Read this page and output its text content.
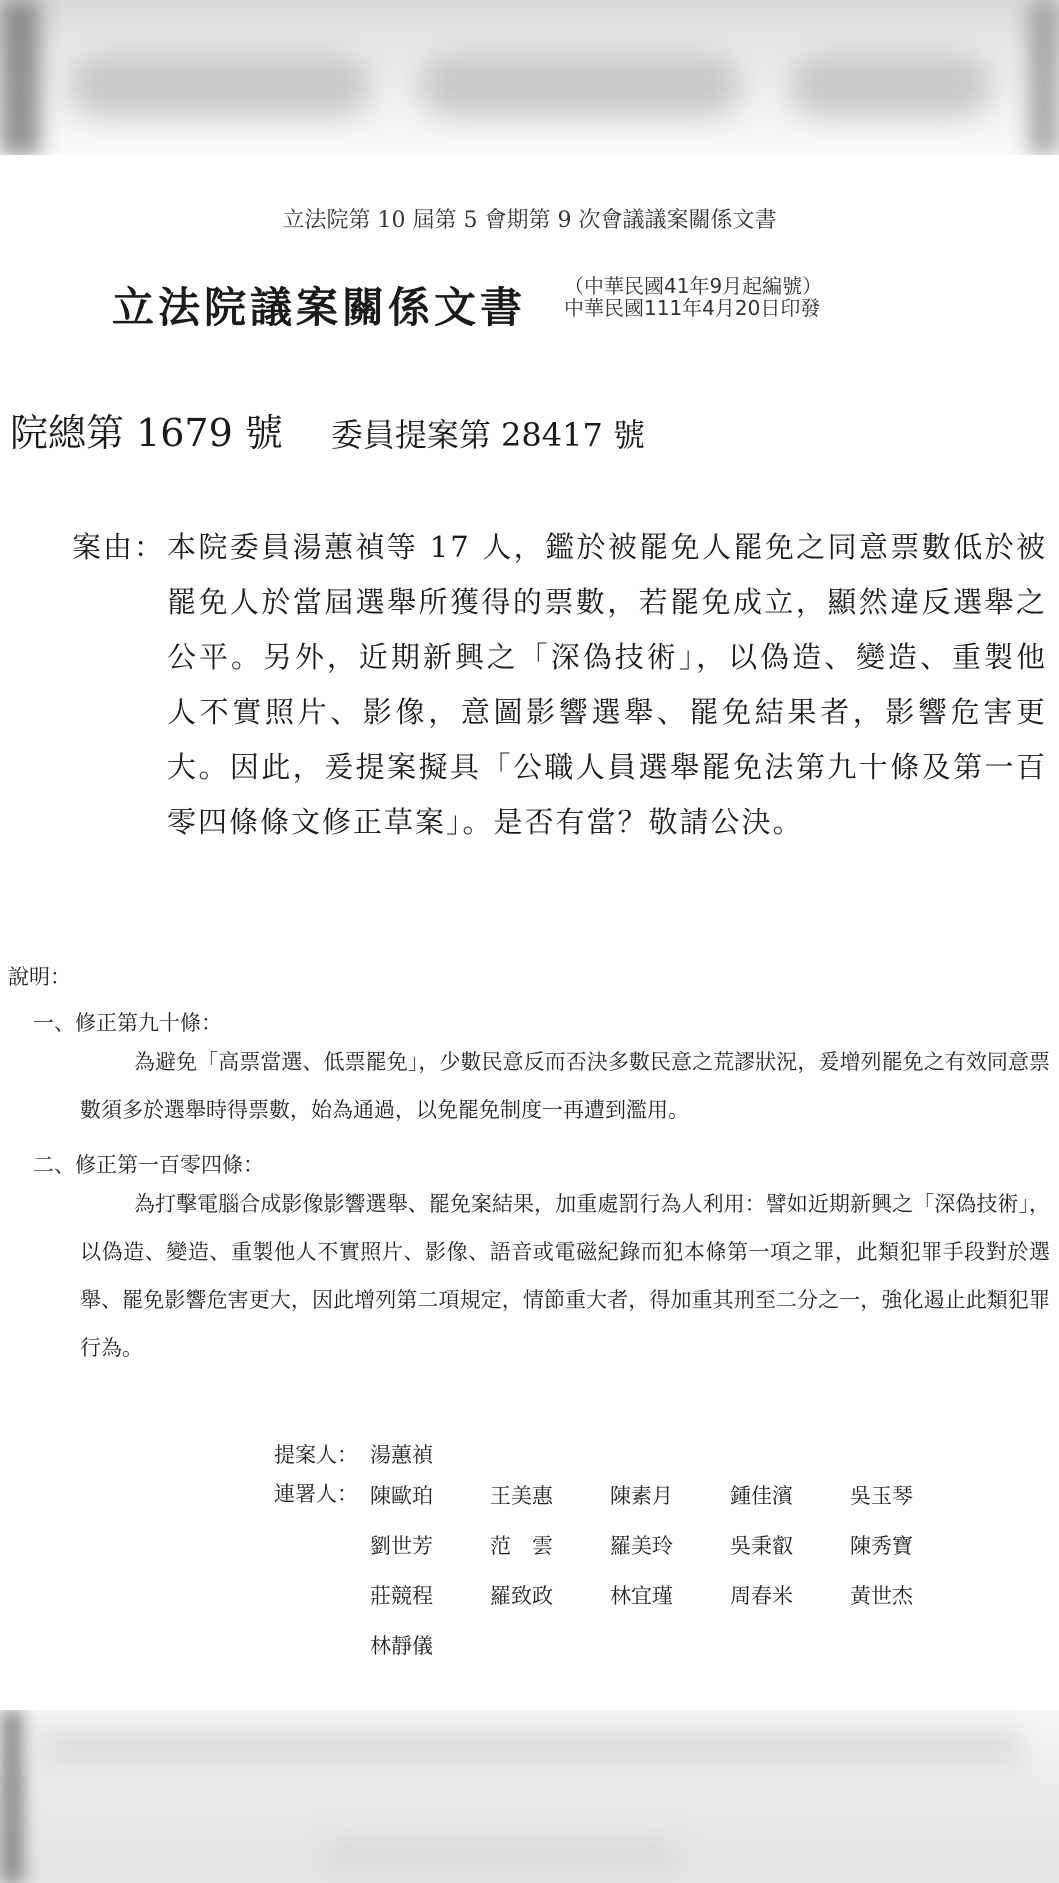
立法院第 10 屆第 5 會期第 9 次會議議案關係文書
立法院議案關係文書 （中華民國41年9月起編號）
中華民國111年4月20日印發
院總第 1679 號 委員提案第 28417 號
案由： 本院委員湯蕙禎等 17 人，鑑於被罷免人罷免之同意票數低於被罷免人於當屆選舉所獲得的票數，若罷免成立，顯然違反選舉之公平。另外，近期新興之「深偽技術」，以偽造、變造、重製他人不實照片、影像，意圖影響選舉、罷免結果者，影響危害更大。因此，爰提案擬具「公職人員選舉罷免法第九十條及第一百零四條條文修正草案」。是否有當？敬請公決。
說明：
一、修正第九十條：
為避免「高票當選、低票罷免」，少數民意反而否決多數民意之荒謬狀況，爰增列罷免之有效同意票數須多於選舉時得票數，始為通過，以免罷免制度一再遭到濫用。
二、修正第一百零四條：
為打擊電腦合成影像影響選舉、罷免案結果，加重處罰行為人利用：譬如近期新興之「深偽技術」，以偽造、變造、重製他人不實照片、影像、語音或電磁紀錄而犯本條第一項之罪，此類犯罪手段對於選舉、罷免影響危害更大，因此增列第二項規定，情節重大者，得加重其刑至二分之一，強化遏止此類犯罪行為。
提案人： 湯蕙禎
連署人： 陳歐珀	王美惠	陳素月	鍾佳濱	吳玉琴
劉世芳	范　雲	羅美玲	吳秉叡	陳秀寶
莊競程	羅致政	林宜瑾	周春米	黃世杰
林靜儀
